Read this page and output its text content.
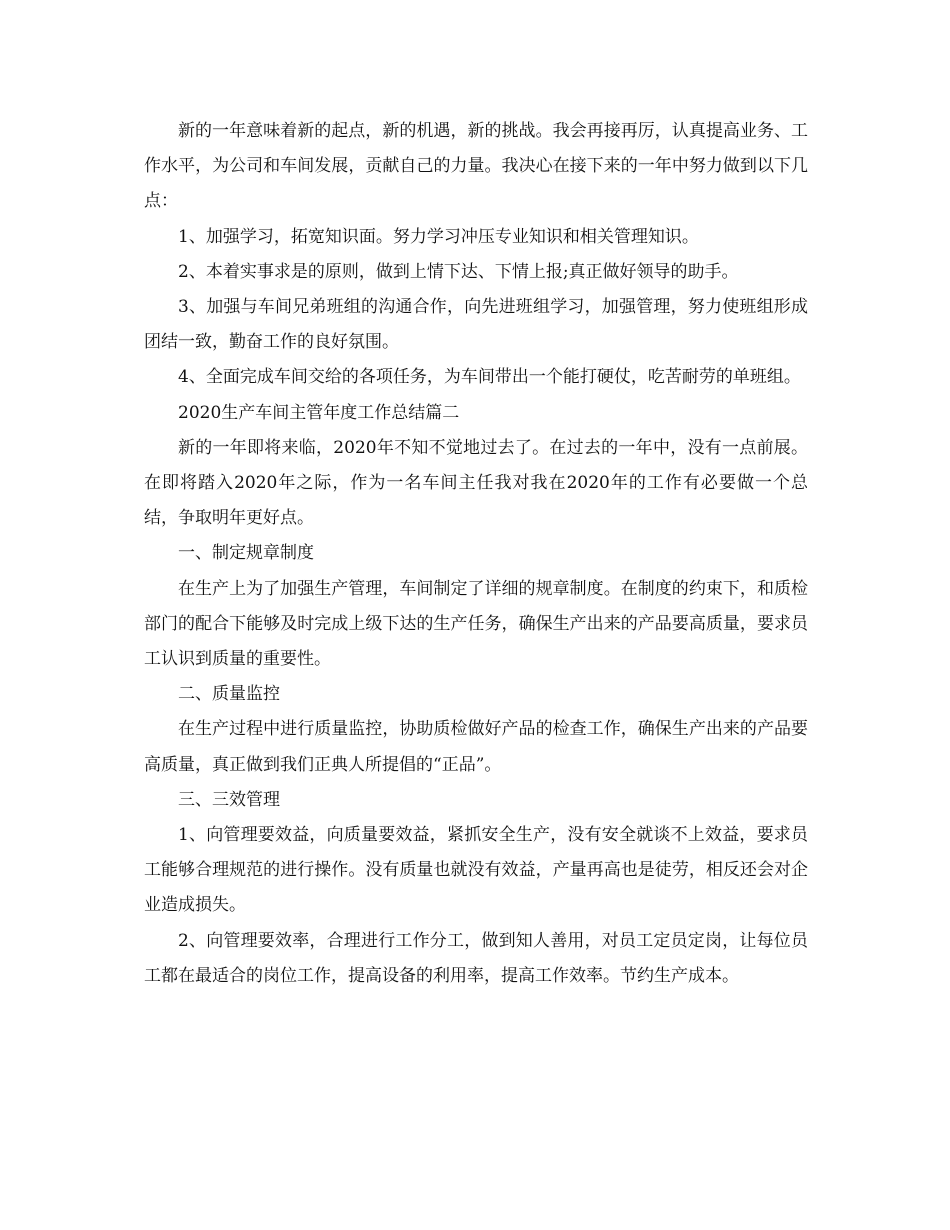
新的一年意味着新的起点，新的机遇，新的挑战。我会再接再厉，认真提高业务、工作水平，为公司和车间发展，贡献自己的力量。我决心在接下来的一年中努力做到以下几点：

1、加强学习，拓宽知识面。努力学习冲压专业知识和相关管理知识。

2、本着实事求是的原则，做到上情下达、下情上报;真正做好领导的助手。

3、加强与车间兄弟班组的沟通合作，向先进班组学习，加强管理，努力使班组形成团结一致，勤奋工作的良好氛围。

4、全面完成车间交给的各项任务，为车间带出一个能打硬仗，吃苦耐劳的单班组。

2020生产车间主管年度工作总结篇二

新的一年即将来临，2020年不知不觉地过去了。在过去的一年中，没有一点前展。在即将踏入2020年之际，作为一名车间主任我对我在2020年的工作有必要做一个总结，争取明年更好点。

一、制定规章制度

在生产上为了加强生产管理，车间制定了详细的规章制度。在制度的约束下，和质检部门的配合下能够及时完成上级下达的生产任务，确保生产出来的产品要高质量，要求员工认识到质量的重要性。

二、质量监控

在生产过程中进行质量监控，协助质检做好产品的检查工作，确保生产出来的产品要高质量，真正做到我们正典人所提倡的“正品”。

三、三效管理

1、向管理要效益，向质量要效益，紧抓安全生产，没有安全就谈不上效益，要求员工能够合理规范的进行操作。没有质量也就没有效益，产量再高也是徒劳，相反还会对企业造成损失。

2、向管理要效率，合理进行工作分工，做到知人善用，对员工定员定岗，让每位员工都在最适合的岗位工作，提高设备的利用率，提高工作效率。节约生产成本。
